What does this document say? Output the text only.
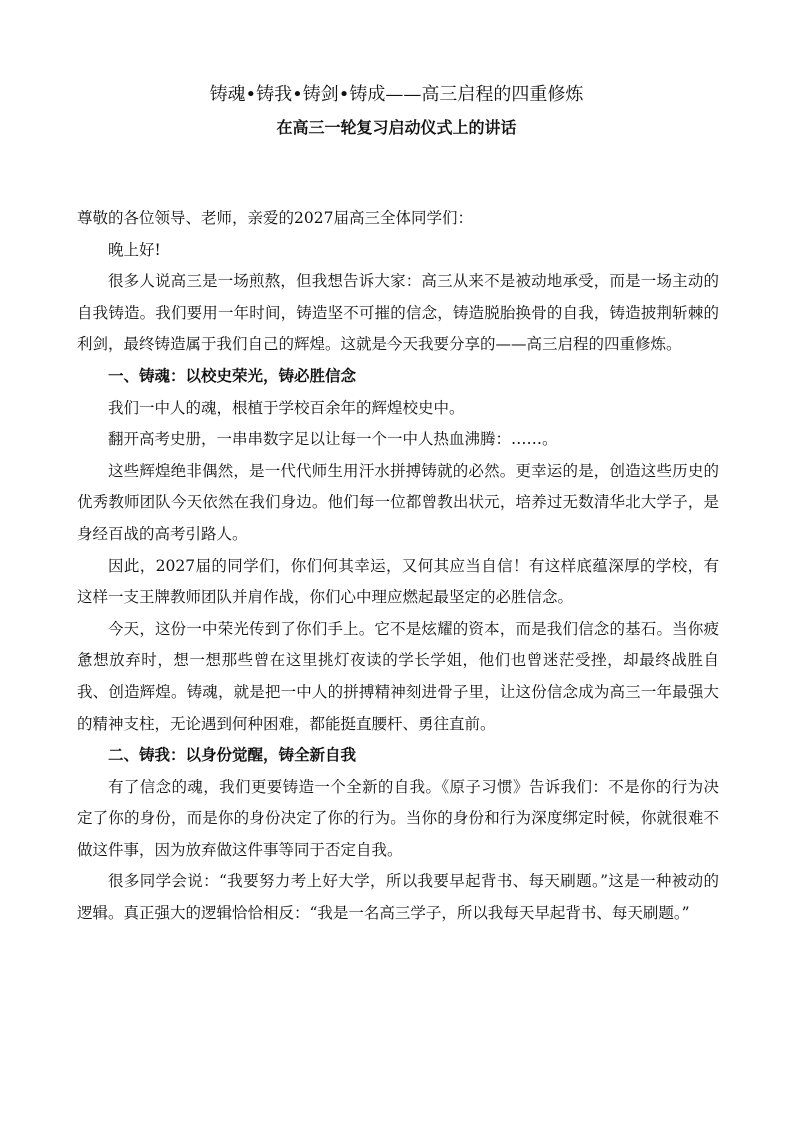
铸魂•铸我•铸剑•铸成——高三启程的四重修炼
在高三一轮复习启动仪式上的讲话

尊敬的各位领导、老师，亲爱的2027届高三全体同学们：

晚上好!

很多人说高三是一场煎熬，但我想告诉大家：高三从来不是被动地承受，而是一场主动的自我铸造。我们要用一年时间，铸造坚不可摧的信念，铸造脱胎换骨的自我，铸造披荆斩棘的利剑，最终铸造属于我们自己的辉煌。这就是今天我要分享的——高三启程的四重修炼。

一、铸魂：以校史荣光，铸必胜信念

我们一中人的魂，根植于学校百余年的辉煌校史中。

翻开高考史册，一串串数字足以让每一个一中人热血沸腾：……。

这些辉煌绝非偶然，是一代代师生用汗水拼搏铸就的必然。更幸运的是，创造这些历史的优秀教师团队今天依然在我们身边。他们每一位都曾教出状元，培养过无数清华北大学子，是身经百战的高考引路人。

因此，2027届的同学们，你们何其幸运，又何其应当自信！有这样底蕴深厚的学校，有这样一支王牌教师团队并肩作战，你们心中理应燃起最坚定的必胜信念。

今天，这份一中荣光传到了你们手上。它不是炫耀的资本，而是我们信念的基石。当你疲惫想放弃时，想一想那些曾在这里挑灯夜读的学长学姐，他们也曾迷茫受挫，却最终战胜自我、创造辉煌。铸魂，就是把一中人的拼搏精神刻进骨子里，让这份信念成为高三一年最强大的精神支柱，无论遇到何种困难，都能挺直腰杆、勇往直前。

二、铸我：以身份觉醒，铸全新自我

有了信念的魂，我们更要铸造一个全新的自我。《原子习惯》告诉我们：不是你的行为决定了你的身份，而是你的身份决定了你的行为。当你的身份和行为深度绑定时候，你就很难不做这件事，因为放弃做这件事等同于否定自我。

很多同学会说：“我要努力考上好大学，所以我要早起背书、每天刷题。”这是一种被动的逻辑。真正强大的逻辑恰恰相反：“我是一名高三学子，所以我每天早起背书、每天刷题。”
